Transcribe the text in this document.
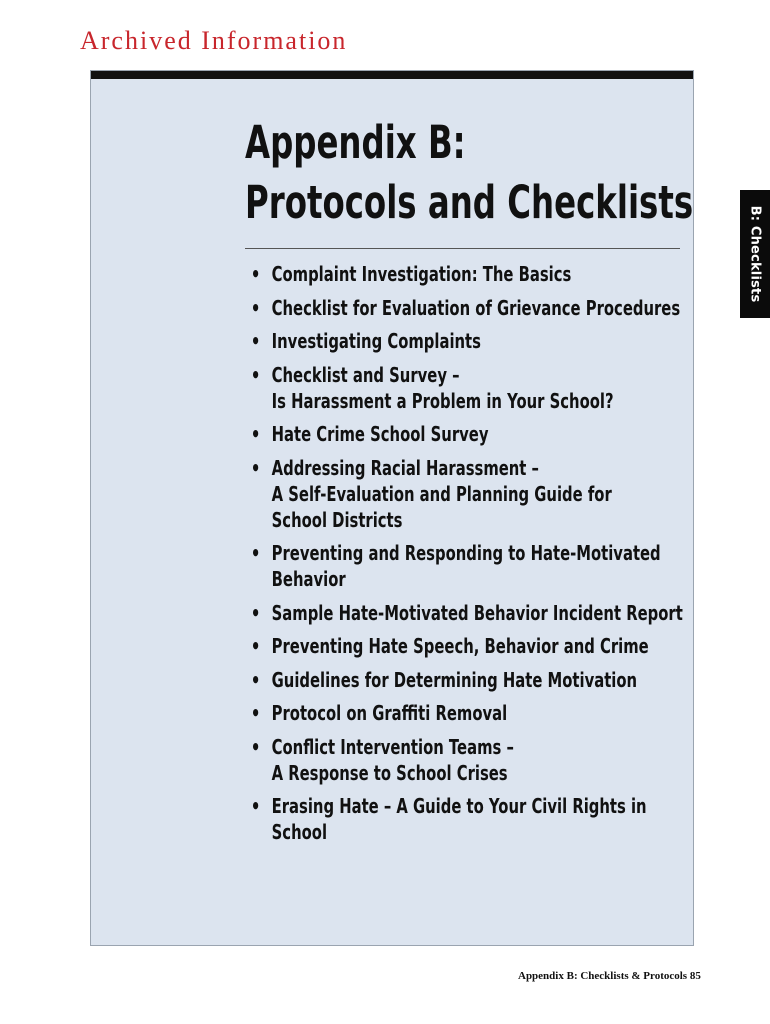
Archived Information
Appendix B:
Protocols and Checklists
• Complaint Investigation: The Basics
• Checklist for Evaluation of Grievance Procedures
• Investigating Complaints
• Checklist and Survey –
Is Harassment a Problem in Your School?
• Hate Crime School Survey
• Addressing Racial Harassment –
A Self-Evaluation and Planning Guide for
School Districts
• Preventing and Responding to Hate-Motivated
Behavior
• Sample Hate-Motivated Behavior Incident Report
• Preventing Hate Speech, Behavior and Crime
• Guidelines for Determining Hate Motivation
• Protocol on Graffiti Removal
• Conflict Intervention Teams –
A Response to School Crises
• Erasing Hate – A Guide to Your Civil Rights in
School
B: Checklists
Appendix B: Checklists & Protocols 85
